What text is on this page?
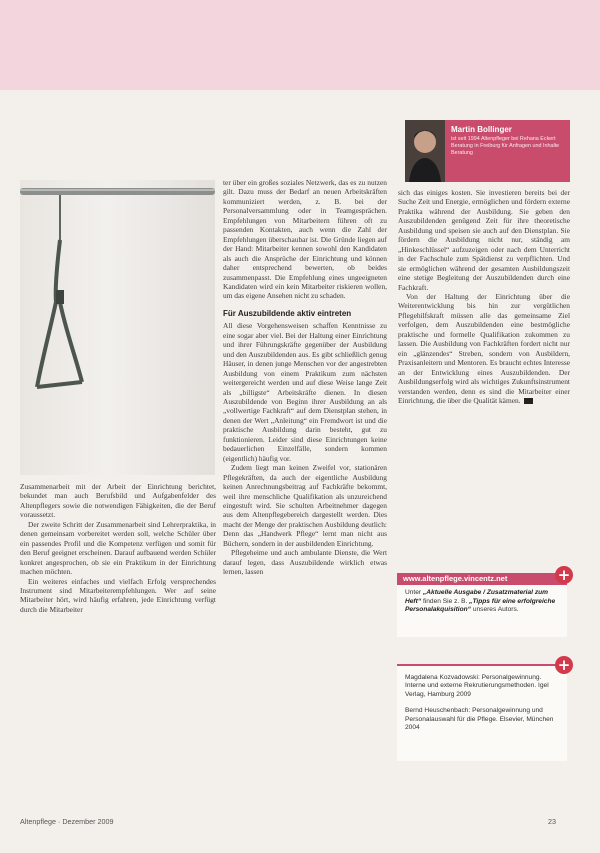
Martin Bollinger
ist seit 1994 Altenpfleger bei Rehana Eckert Beratung in Freiburg für Anfragen und Inhalte Beratung

Zusammenarbeit mit der Arbeit der Einrichtung berichtet, bekundet man auch Berufsbild und Aufgabenfelder des Altenpflegers sowie die notwendigen Fähigkeiten, die der Beruf voraussetzt.

Der zweite Schritt der Zusammenarbeit sind Lehrerpraktika, in denen gemeinsam vorbereitet werden soll, welche Schüler über ein passendes Profil und die Kompetenz verfügen und somit für den Beruf geeignet erscheinen. Darauf aufbauend werden Schüler konkret angesprochen, ob sie ein Praktikum in der Einrichtung machen möchten.

Ein weiteres einfaches und vielfach Erfolg versprechendes Instrument sind Mitarbeiterempfehlungen. Wer auf seine Mitarbeiter hört, wird häufig erfahren, jede Einrichtung verfügt durch die Mitarbeiter

ter über ein großes soziales Netzwerk, das es zu nutzen gilt. Dazu muss der Bedarf an neuen Arbeitskräften kommuniziert werden, z. B. bei der Personalversammlung oder in Teamgesprächen. Empfehlungen von Mitarbeitern führen oft zu passenden Kontakten, auch wenn die Zahl der Empfehlungen überschaubar ist. Die Gründe liegen auf der Hand: Mitarbeiter kennen sowohl den Kandidaten als auch die Ansprüche der Einrichtung und können daher entsprechend bewerten, ob beides zusammenpasst. Die Empfehlung eines ungeeigneten Kandidaten wird ein kein Mitarbeiter riskieren wollen, um das eigene Ansehen nicht zu schaden.

Für Auszubildende aktiv eintreten

All diese Vorgehensweisen schaffen Kenntnisse zu eine sogar aber viel. Bei der Haltung einer Einrichtung und ihrer Führungskräfte gegenüber der Ausbildung und den Auszubildenden aus. Es gibt schließlich genug Häuser, in denen junge Menschen vor der angestrebten Ausbildung von einem Praktikum zum nächsten weitergereicht werden und auf diese Weise lange Zeit als „billigste“ Arbeitskräfte dienen. In diesen Auszubildende von Beginn ihrer Ausbildung an als „vollwertige Fachkraft“ auf dem Dienstplan stehen, in denen der Wert „Anleitung“ ein Fremdwort ist und die praktische Ausbildung darin besteht, gut zu funktionieren. Leider sind diese Einrichtungen keine bedauerlichen Einzelfälle, sondern kommen (eigentlich) häufig vor.

Zudem liegt man keinen Zweifel vor, stationären Pflegekräften, da auch der eigentliche Ausbildung keinen Anrechnungsbeitrag auf Fachkräfte bekommt, weil ihre menschliche Qualifikation als unzureichend eingestuft wird. Sie schulten Arbeitnehmer dagegen aus dem Altenpflegebereich dargestellt werden. Dies macht der Menge der praktischen Ausbildung deutlich: Denn das „Handwerk Pflege“ lernt man nicht aus Büchern, sondern in der ausbildenden Einrichtung.

Pflegeheime und auch ambulante Dienste, die Wert darauf legen, dass Auszubildende wirklich etwas lernen, lassen

sich das einiges kosten. Sie investieren bereits bei der Suche Zeit und Energie, ermöglichen und fördern externe Praktika während der Ausbildung. Sie geben den Auszubildenden genügend Zeit für ihre theoretische Ausbildung und speisen sie auch auf den Dienstplan. Sie fördern die Ausbildung nicht nur, ständig am „Hinkeschlüssel“ aufzuzeigen oder nach dem Unterricht in der Fachschule zum Spätdienst zu verpflichten. Und sie ermöglichen während der gesamten Ausbildungszeit eine stetige Begleitung der Auszubildenden durch eine Fachkraft.

Von der Haltung der Einrichtung über die Weiterentwicklung bis hin zur vergütlichen Pflegehilfskraft müssen alle das gemeinsame Ziel verfolgen, dem Auszubildenden eine bestmögliche praktische und formelle Qualifikation zukommen zu lassen. Die Ausbildung von Fachkräften fordert nicht nur ein „glänzendes“ Streben, sondern von Ausbildern, Praxisanleitern und Mentoren. Es braucht echtes Interesse an der Entwicklung eines Auszubildenden. Der Ausbildungserfolg wird als wichtiges Zukunftsinstrument verstanden werden, denn es sind die Mitarbeiter einer Einrichtung, die über die Qualität kämen.

www.altenpflege.vincentz.net
Unter „Aktuelle Ausgabe / Zusatzmaterial zum Heft“ finden Sie z. B. „Tipps für eine erfolgreiche Personalakquisition“ unseres Autors.
+

Magdalena Kozvadowski: Personalgewinnung. Interne und externe Rekrutierungsmethoden. Igel Verlag, Hamburg 2009

Bernd Heuschenbach: Personalgewinnung und Personalauswahl für die Pflege. Elsevier, München 2004

+
Altenpflege · Dezember 2009	23
